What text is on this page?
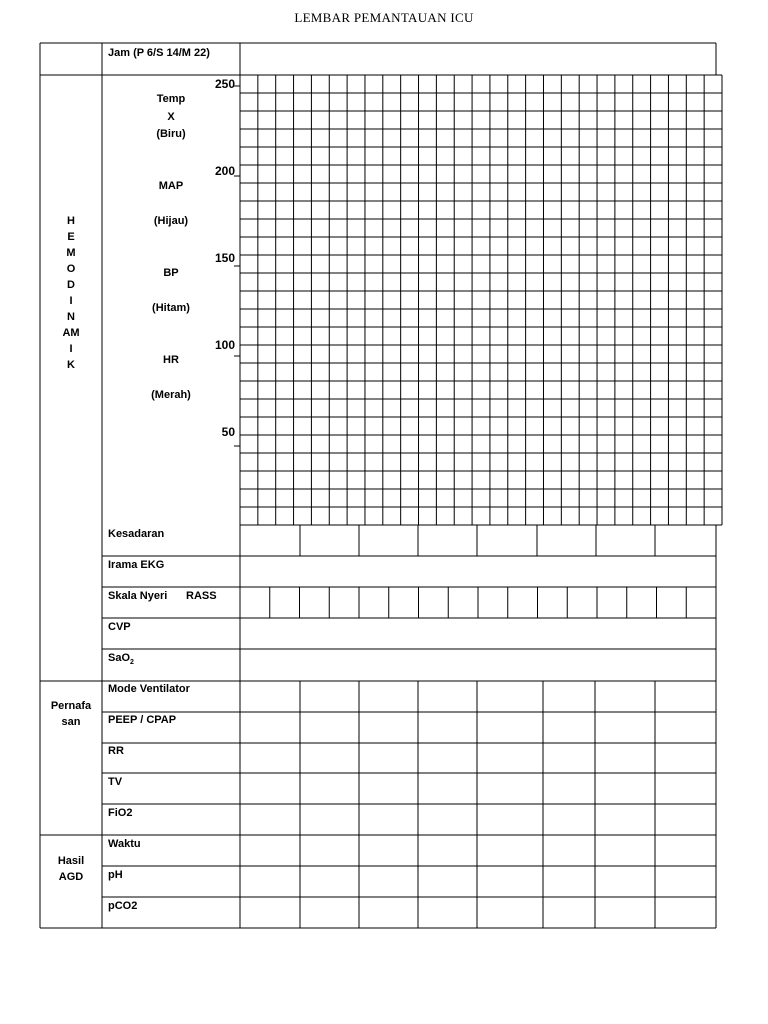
LEMBAR PEMANTAUAN ICU
Jam (P 6/S 14/M 22)
H
E
M
O
D
I
N
AM
I
K
Temp
X
(Biru)
MAP
(Hijau)
BP
(Hitam)
HR
(Merah)
250
200
150
100
50
Kesadaran
Irama EKG
Skala Nyeri RASS
CVP
SaO$_2$
Pernafa
san
Mode Ventilator
PEEP / CPAP
RR
TV
FiO2
Hasil
AGD
Waktu
pH
pCO2
